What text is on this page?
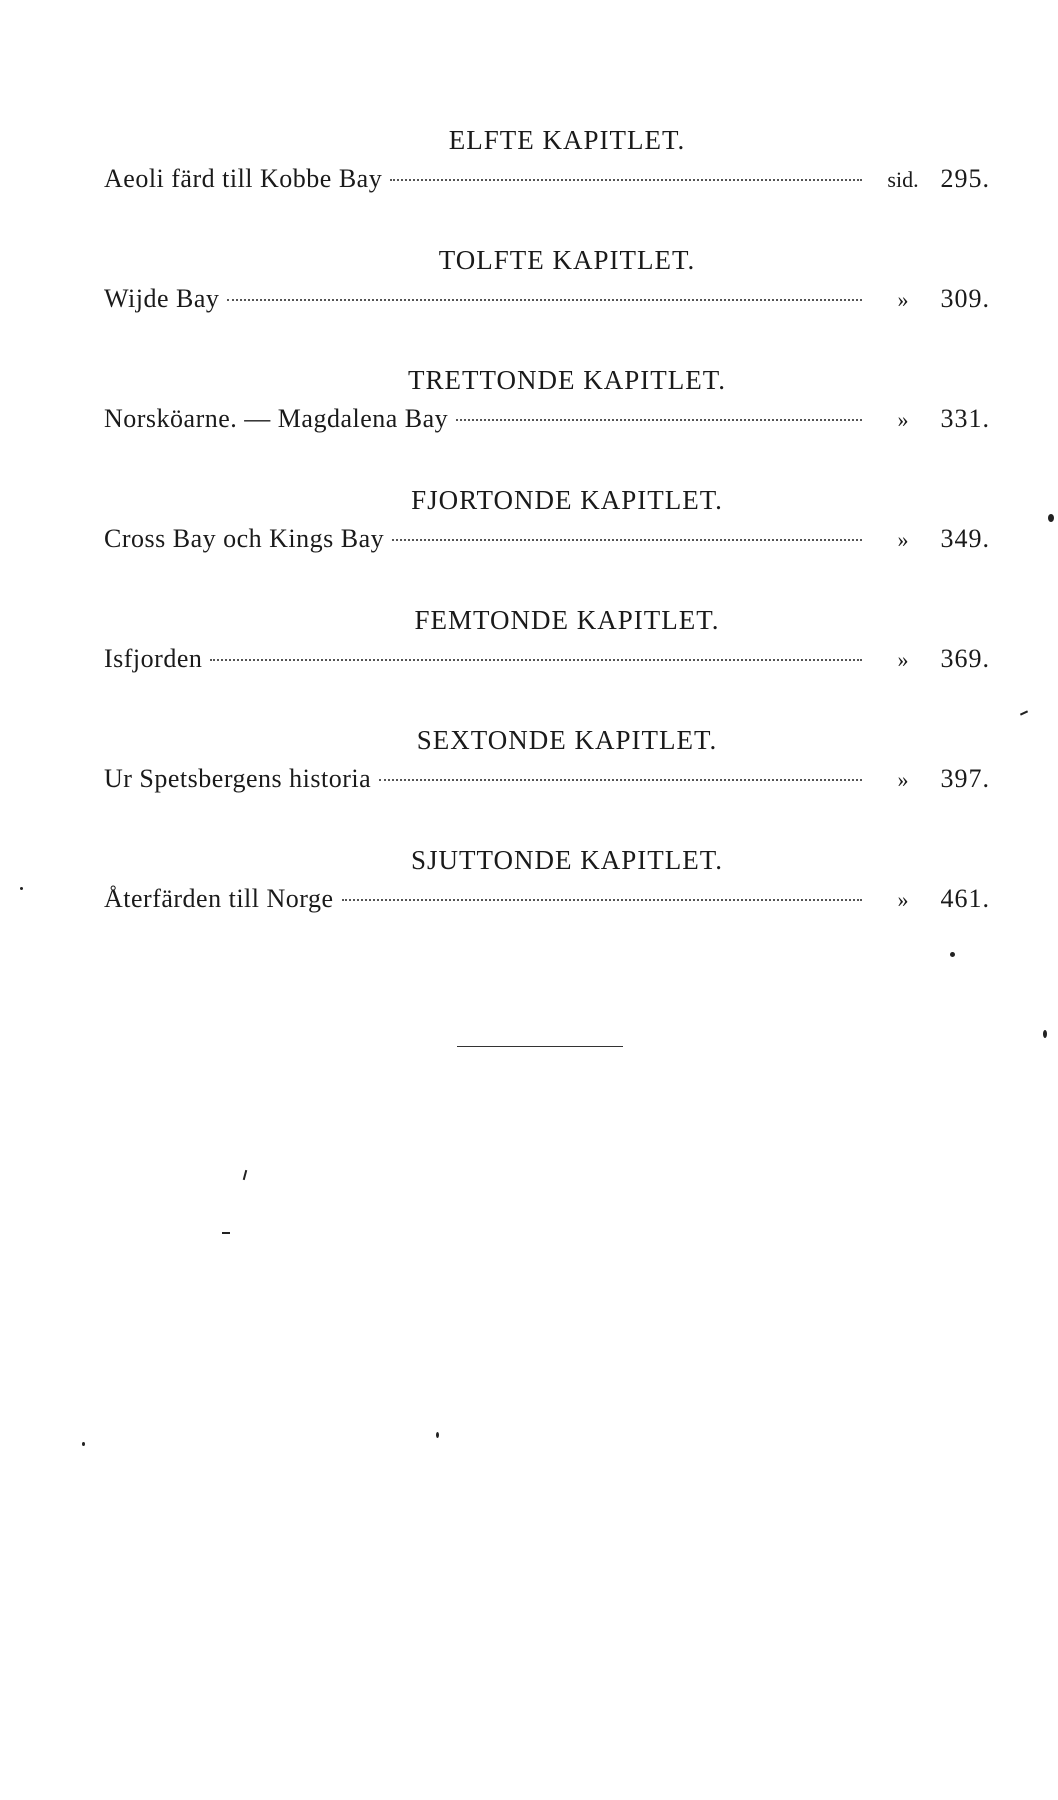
ELFTE KAPITLET.
Aeoli färd till Kobbe Bay	sid. 295.
TOLFTE KAPITLET.
Wijde Bay	»	309.
TRETTONDE KAPITLET.
Norsköarne. — Magdalena Bay	»	331.
FJORTONDE KAPITLET.
Cross Bay och Kings Bay	»	349.
FEMTONDE KAPITLET.
Isfjorden	»	369.
SEXTONDE KAPITLET.
Ur Spetsbergens historia	»	397.
SJUTTONDE KAPITLET.
Återfärden till Norge	»	461.
